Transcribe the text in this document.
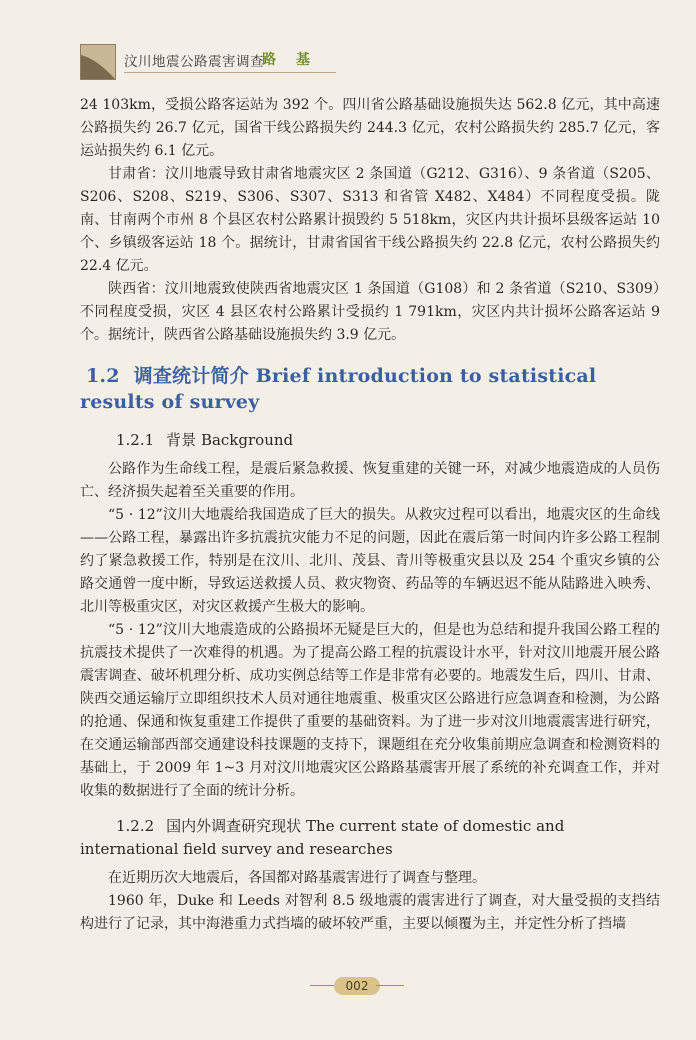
汶川地震公路震害调查
路基

24 103km，受损公路客运站为 392 个。四川省公路基础设施损失达 562.8 亿元，其中高速公路损失约 26.7 亿元，国省干线公路损失约 244.3 亿元，农村公路损失约 285.7 亿元，客运站损失约 6.1 亿元。

甘肃省：汶川地震导致甘肃省地震灾区 2 条国道（G212、G316）、9 条省道（S205、S206、S208、S219、S306、S307、S313 和省管 X482、X484）不同程度受损。陇南、甘南两个市州 8 个县区农村公路累计损毁约 5 518km，灾区内共计损坏县级客运站 10 个、乡镇级客运站 18 个。据统计，甘肃省国省干线公路损失约 22.8 亿元，农村公路损失约 22.4 亿元。

陕西省：汶川地震致使陕西省地震灾区 1 条国道（G108）和 2 条省道（S210、S309）不同程度受损，灾区 4 县区农村公路累计受损约 1 791km，灾区内共计损坏公路客运站 9 个。据统计，陕西省公路基础设施损失约 3.9 亿元。

1.2 调查统计简介 Brief introduction to statistical results of survey
1.2.1 背景 Background

公路作为生命线工程，是震后紧急救援、恢复重建的关键一环，对减少地震造成的人员伤亡、经济损失起着至关重要的作用。

“5 · 12”汶川大地震给我国造成了巨大的损失。从救灾过程可以看出，地震灾区的生命线——公路工程，暴露出许多抗震抗灾能力不足的问题，因此在震后第一时间内许多公路工程制约了紧急救援工作，特别是在汶川、北川、茂县、青川等极重灾县以及 254 个重灾乡镇的公路交通曾一度中断，导致运送救援人员、救灾物资、药品等的车辆迟迟不能从陆路进入映秀、北川等极重灾区，对灾区救援产生极大的影响。

“5 · 12”汶川大地震造成的公路损坏无疑是巨大的，但是也为总结和提升我国公路工程的抗震技术提供了一次难得的机遇。为了提高公路工程的抗震设计水平，针对汶川地震开展公路震害调查、破坏机理分析、成功实例总结等工作是非常有必要的。地震发生后，四川、甘肃、陕西交通运输厅立即组织技术人员对通往地震重、极重灾区公路进行应急调查和检测，为公路的抢通、保通和恢复重建工作提供了重要的基础资料。为了进一步对汶川地震震害进行研究，在交通运输部西部交通建设科技课题的支持下，课题组在充分收集前期应急调查和检测资料的基础上，于 2009 年 1~3 月对汶川地震灾区公路路基震害开展了系统的补充调查工作，并对收集的数据进行了全面的统计分析。

1.2.2 国内外调查研究现状 The current state of domestic and international field survey and researches

在近期历次大地震后，各国都对路基震害进行了调查与整理。

1960 年，Duke 和 Leeds 对智利 8.5 级地震的震害进行了调查，对大量受损的支挡结构进行了记录，其中海港重力式挡墙的破坏较严重，主要以倾覆为主，并定性分析了挡墙

002
